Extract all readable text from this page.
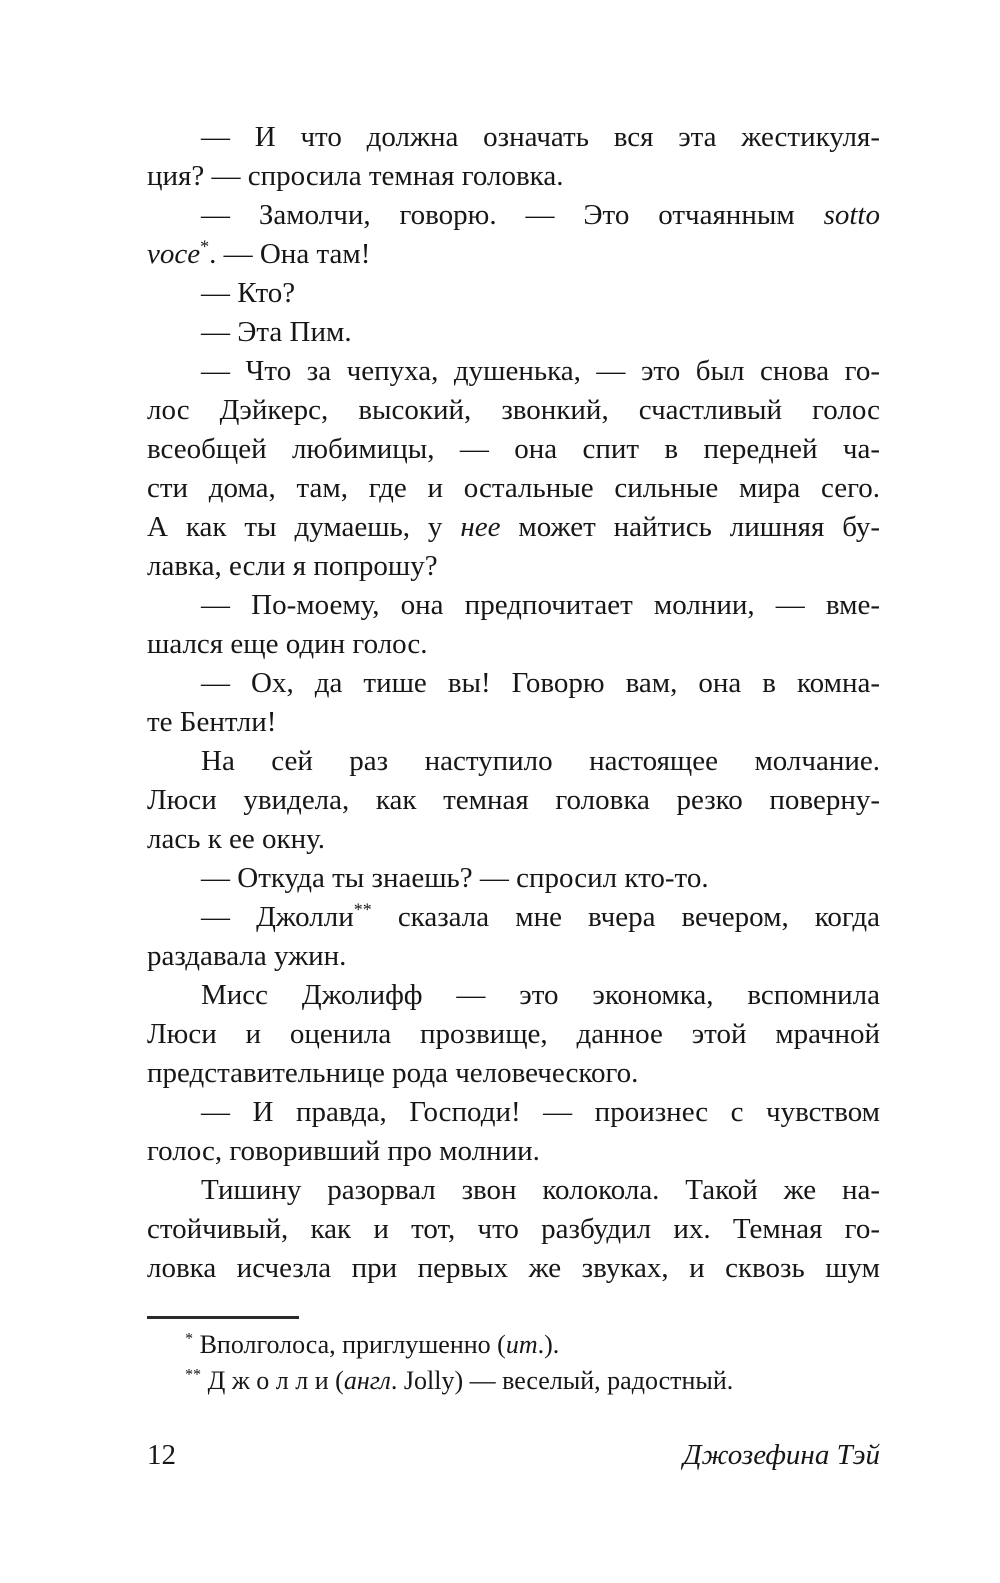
— И что должна означать вся эта жестикуля-
ция? — спросила темная головка.
— Замолчи, говорю. — Это отчаянным sotto
voce*. — Она там!
— Кто?
— Эта Пим.
— Что за чепуха, душенька, — это был снова го-
лос Дэйкерс, высокий, звонкий, счастливый голос
всеобщей любимицы, — она спит в передней ча-
сти дома, там, где и остальные сильные мира сего.
А как ты думаешь, у нее может найтись лишняя бу-
лавка, если я попрошу?
— По-моему, она предпочитает молнии, — вме-
шался еще один голос.
— Ох, да тише вы! Говорю вам, она в комна-
те Бентли!
На сей раз наступило настоящее молчание.
Люси увидела, как темная головка резко поверну-
лась к ее окну.
— Откуда ты знаешь? — спросил кто-то.
— Джолли** сказала мне вчера вечером, когда
раздавала ужин.
Мисс Джолифф — это экономка, вспомнила
Люси и оценила прозвище, данное этой мрачной
представительнице рода человеческого.
— И правда, Господи! — произнес с чувством
голос, говоривший про молнии.
Тишину разорвал звон колокола. Такой же на-
стойчивый, как и тот, что разбудил их. Темная го-
ловка исчезла при первых же звуках, и сквозь шум
* Вполголоса, приглушенно (ит.).
** Д ж о л л и (англ. Jolly) — веселый, радостный.
12	Джозефина Тэй
